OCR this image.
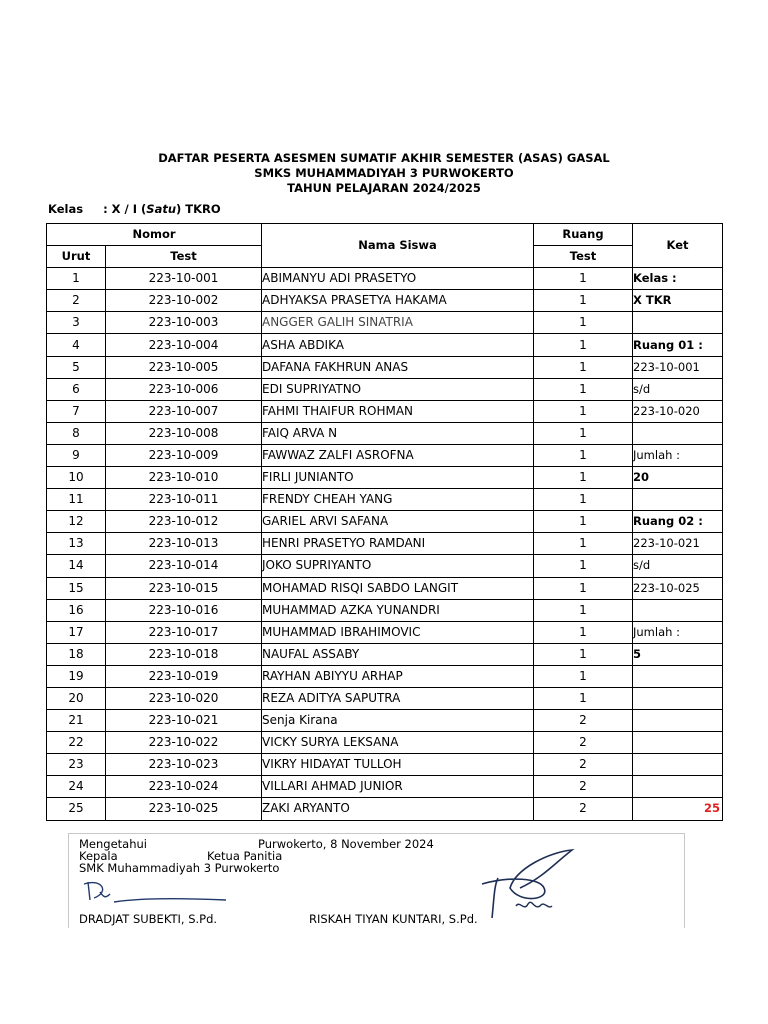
DAFTAR PESERTA ASESMEN SUMATIF AKHIR SEMESTER (ASAS) GASAL
SMKS MUHAMMADIYAH 3 PURWOKERTO
TAHUN PELAJARAN 2024/2025
Kelas     : X / I (Satu) TKRO
Nomor		Nama Siswa	Ruang	Ket
Urut	Test		Test	
1	223-10-001	ABIMANYU ADI PRASETYO	1	Kelas :
2	223-10-002	ADHYAKSA PRASETYA HAKAMA	1	X TKR
3	223-10-003	ANGGER GALIH SINATRIA	1	
4	223-10-004	ASHA ABDIKA	1	Ruang 01 :
5	223-10-005	DAFANA FAKHRUN ANAS	1	223-10-001
6	223-10-006	EDI SUPRIYATNO	1	s/d
7	223-10-007	FAHMI THAIFUR ROHMAN	1	223-10-020
8	223-10-008	FAIQ ARVA N	1	
9	223-10-009	FAWWAZ ZALFI ASROFNA	1	Jumlah :
10	223-10-010	FIRLI JUNIANTO	1	20
11	223-10-011	FRENDY CHEAH YANG	1	
12	223-10-012	GARIEL ARVI SAFANA	1	Ruang 02 :
13	223-10-013	HENRI PRASETYO RAMDANI	1	223-10-021
14	223-10-014	JOKO SUPRIYANTO	1	s/d
15	223-10-015	MOHAMAD RISQI SABDO LANGIT	1	223-10-025
16	223-10-016	MUHAMMAD AZKA YUNANDRI	1	
17	223-10-017	MUHAMMAD IBRAHIMOVIC	1	Jumlah :
18	223-10-018	NAUFAL ASSABY	1	5
19	223-10-019	RAYHAN ABIYYU ARHAP	1	
20	223-10-020	REZA ADITYA SAPUTRA	1	
21	223-10-021	Senja Kirana	2	
22	223-10-022	VICKY SURYA LEKSANA	2	
23	223-10-023	VIKRY HIDAYAT TULLOH	2	
24	223-10-024	VILLARI AHMAD JUNIOR	2	
25	223-10-025	ZAKI ARYANTO	2	25
Mengetahui	Purwokerto, 8 November 2024
Kepala	Ketua Panitia
SMK Muhammadiyah 3 Purwokerto
DRADJAT SUBEKTI, S.Pd.	RISKAH TIYAN KUNTARI, S.Pd.
